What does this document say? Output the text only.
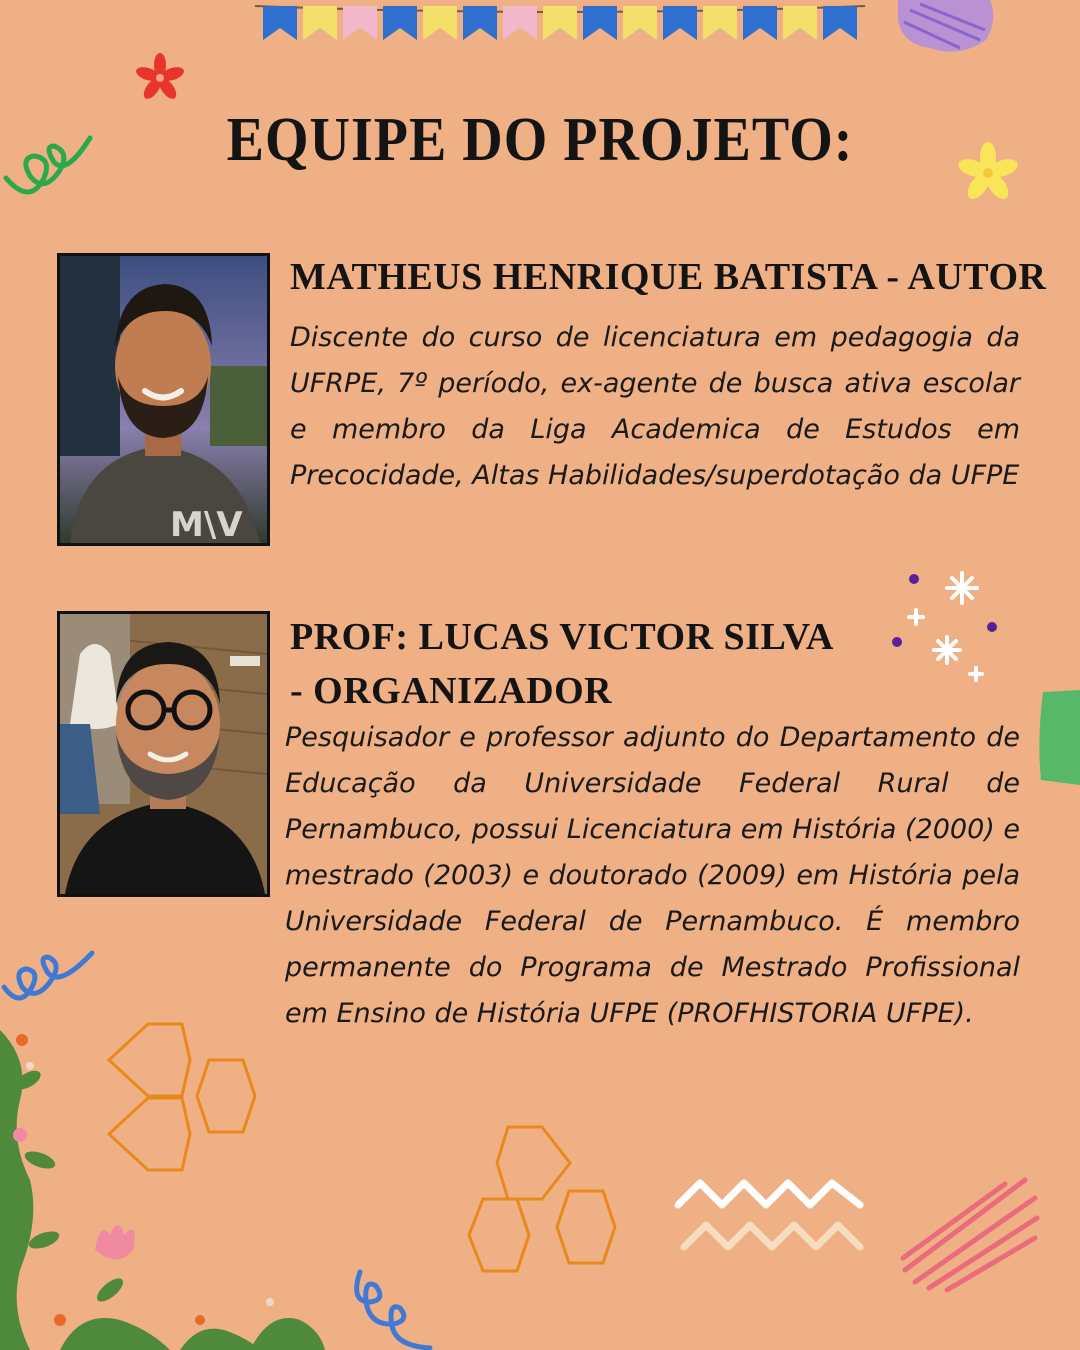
EQUIPE DO PROJETO:
M\V
MATHEUS HENRIQUE BATISTA - AUTOR

Discente do curso de licenciatura em pedagogia da UFRPE, 7º período, ex-agente de busca ativa escolar e membro da Liga Academica de Estudos em Precocidade, Altas Habilidades/superdotação da UFPE

PROF: LUCAS VICTOR SILVA - ORGANIZADOR

Pesquisador e professor adjunto do Departamento de Educação da Universidade Federal Rural de Pernambuco, possui Licenciatura em História (2000) e mestrado (2003) e doutorado (2009) em História pela Universidade Federal de Pernambuco. É membro permanente do Programa de Mestrado Profissional em Ensino de História UFPE (PROFHISTORIA UFPE).
